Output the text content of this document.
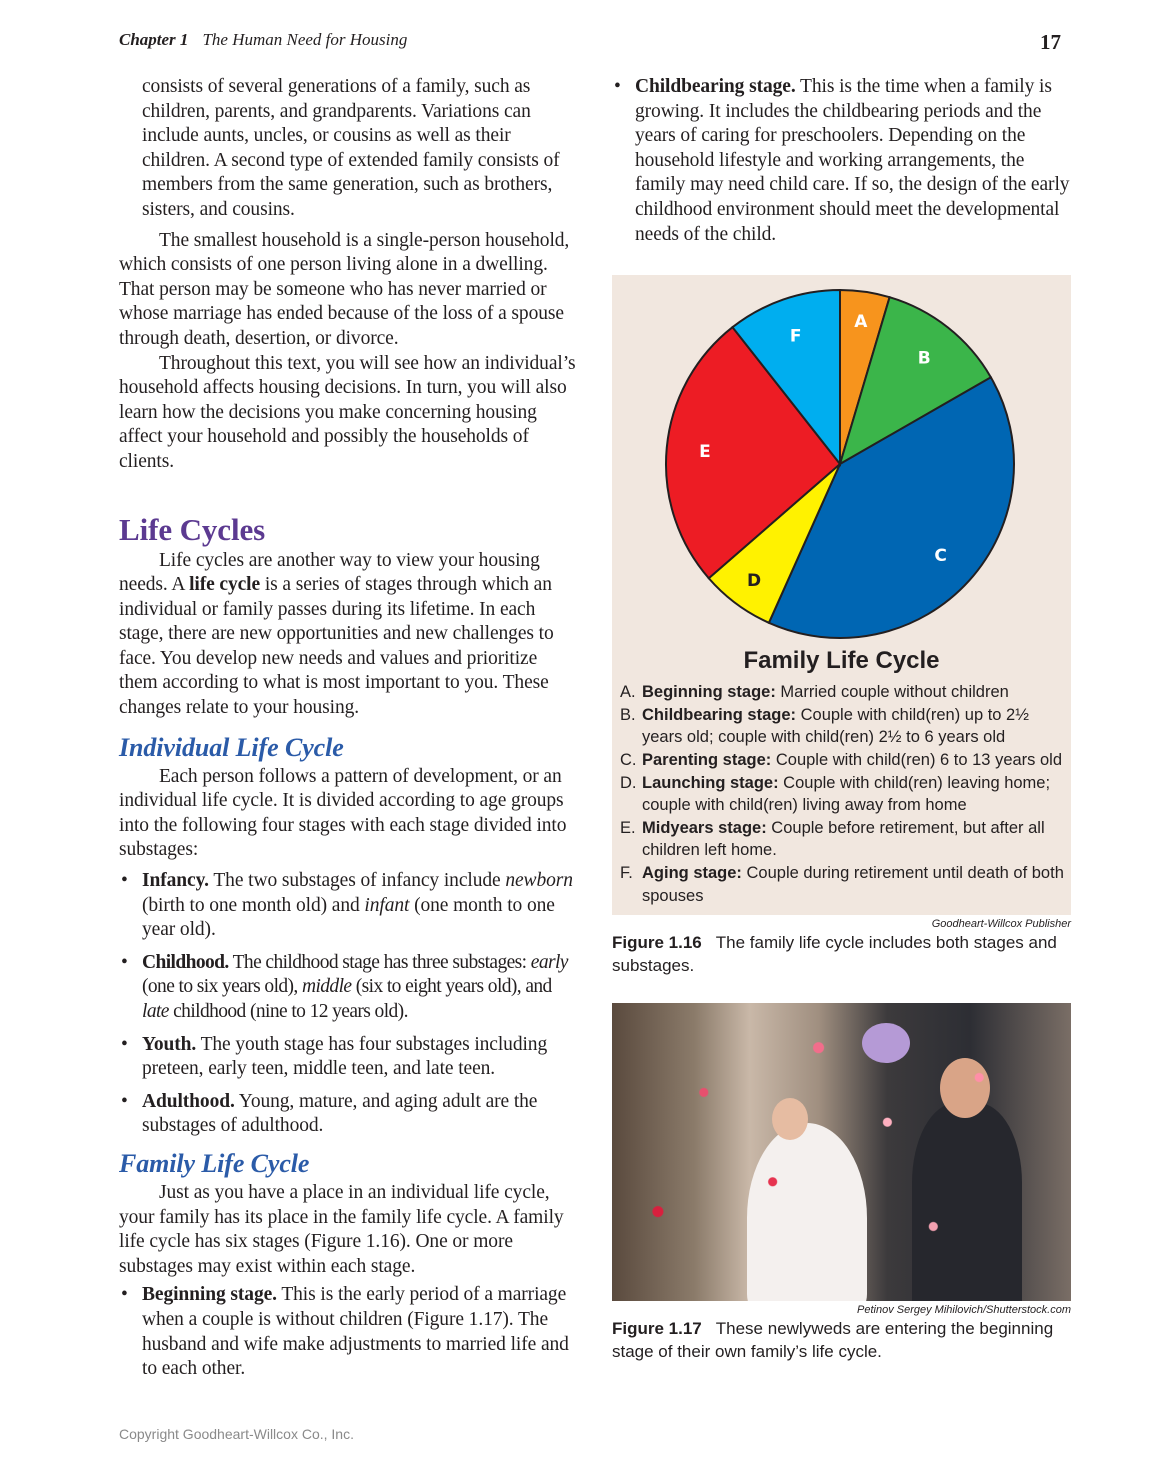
Chapter 1 The Human Need for Housing	17

consists of several generations of a family, such as children, parents, and grandparents. Variations can include aunts, uncles, or cousins as well as their children. A second type of extended family consists of members from the same generation, such as brothers, sisters, and cousins.

The smallest household is a single-person household, which consists of one person living alone in a dwelling. That person may be someone who has never married or whose marriage has ended because of the loss of a spouse through death, desertion, or divorce.

Throughout this text, you will see how an individual’s household affects housing decisions. In turn, you will also learn how the decisions you make concerning housing affect your household and possibly the households of clients.

Life Cycles

Life cycles are another way to view your housing needs. A life cycle is a series of stages through which an individual or family passes during its lifetime. In each stage, there are new opportunities and new challenges to face. You develop new needs and values and prioritize them according to what is most important to you. These changes relate to your housing.

Individual Life Cycle

Each person follows a pattern of development, or an individual life cycle. It is divided according to age groups into the following four stages with each stage divided into substages:

• Infancy. The two substages of infancy include newborn (birth to one month old) and infant (one month to one year old).
• Childhood. The childhood stage has three substages: early (one to six years old), middle (six to eight years old), and late childhood (nine to 12 years old).
• Youth. The youth stage has four substages including preteen, early teen, middle teen, and late teen.
• Adulthood. Young, mature, and aging adult are the substages of adulthood.
Family Life Cycle

Just as you have a place in an individual life cycle, your family has its place in the family life cycle. A family life cycle has six stages (Figure 1.16). One or more substages may exist within each stage.

• Beginning stage. This is the early period of a marriage when a couple is without children (Figure 1.17). The husband and wife make adjustments to married life and to each other.
• Childbearing stage. This is the time when a family is growing. It includes the childbearing periods and the years of caring for preschoolers. Depending on the household lifestyle and working arrangements, the family may need child care. If so, the design of the early childhood environment should meet the developmental needs of the child.
A
B
C
D
E
F
Family Life Cycle
A. Beginning stage: Married couple without children
B. Childbearing stage: Couple with child(ren) up to 2½ years old; couple with child(ren) 2½ to 6 years old
C. Parenting stage: Couple with child(ren) 6 to 13 years old
D. Launching stage: Couple with child(ren) leaving home; couple with child(ren) living away from home
E. Midyears stage: Couple before retirement, but after all children left home.
F. Aging stage: Couple during retirement until death of both spouses
Goodheart-Willcox Publisher
Figure 1.16 The family life cycle includes both stages and substages.
Petinov Sergey Mihilovich/Shutterstock.com
Figure 1.17 These newlyweds are entering the beginning stage of their own family’s life cycle.
Copyright Goodheart-Willcox Co., Inc.
